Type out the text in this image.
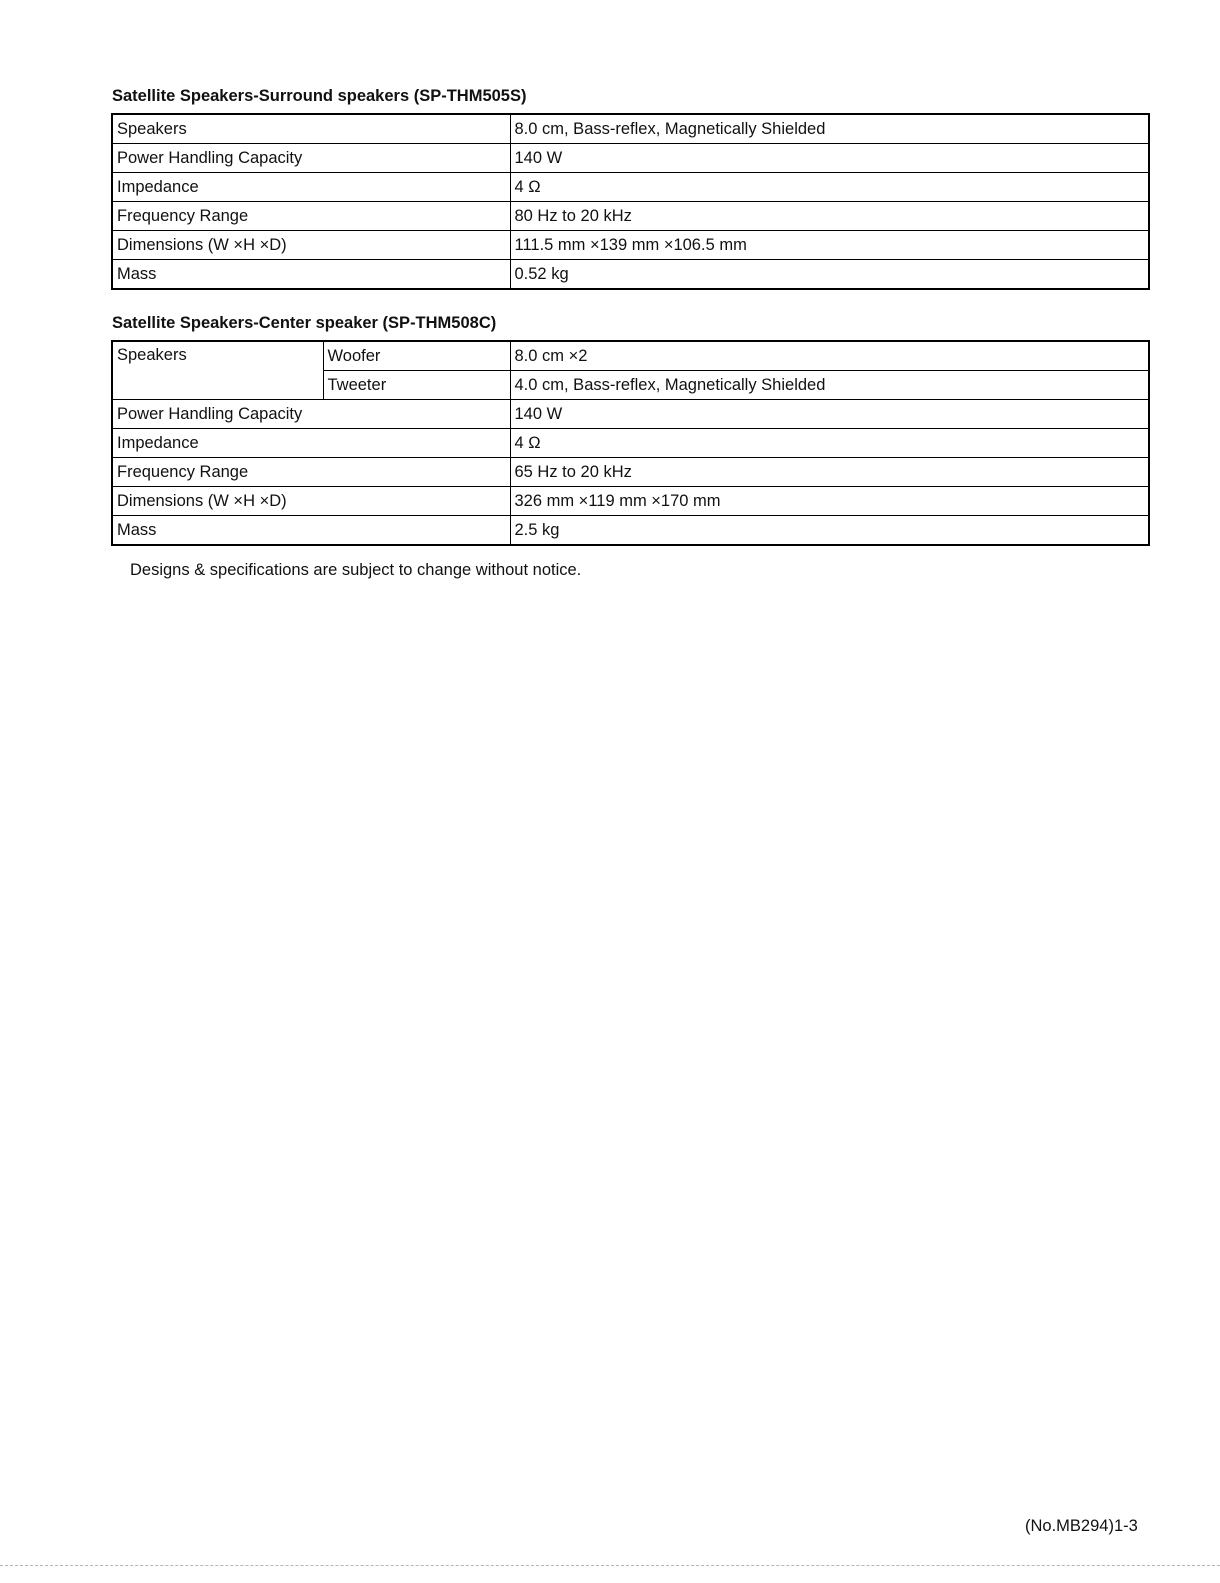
Satellite Speakers-Surround speakers (SP-THM505S)
Speakers	8.0 cm, Bass-reflex, Magnetically Shielded
Power Handling Capacity	140 W
Impedance	4 Ω
Frequency Range	80 Hz to 20 kHz
Dimensions (W ×H ×D)	111.5 mm ×139 mm ×106.5 mm
Mass	0.52 kg
Satellite Speakers-Center speaker (SP-THM508C)
Speakers	Woofer	8.0 cm ×2
	Tweeter	4.0 cm, Bass-reflex, Magnetically Shielded
Power Handling Capacity		140 W
Impedance		4 Ω
Frequency Range		65 Hz to 20 kHz
Dimensions (W ×H ×D)		326 mm ×119 mm ×170 mm
Mass		2.5 kg
Designs & specifications are subject to change without notice.
(No.MB294)1-3
